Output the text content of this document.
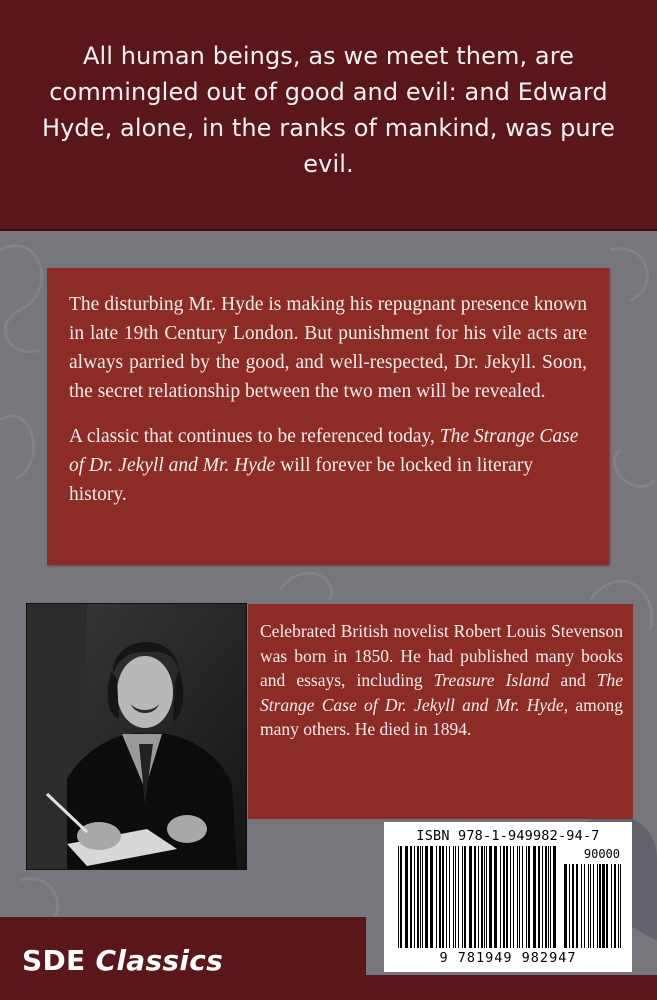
All human beings, as we meet them, are commingled out of good and evil: and Edward Hyde, alone, in the ranks of mankind, was pure evil.

The disturbing Mr. Hyde is making his repugnant presence known in late 19th Century London. But punishment for his vile acts are always parried by the good, and well-respected, Dr. Jekyll. Soon, the secret relationship between the two men will be revealed.

A classic that continues to be referenced today, The Strange Case of Dr. Jekyll and Mr. Hyde will forever be locked in literary history.

Celebrated British novelist Robert Louis Stevenson was born in 1850. He had published many books and essays, including Treasure Island and The Strange Case of Dr. Jekyll and Mr. Hyde, among many others. He died in 1894.

SDE Classics

ISBN 978-1-949982-94-7
90000
9 781949 982947
